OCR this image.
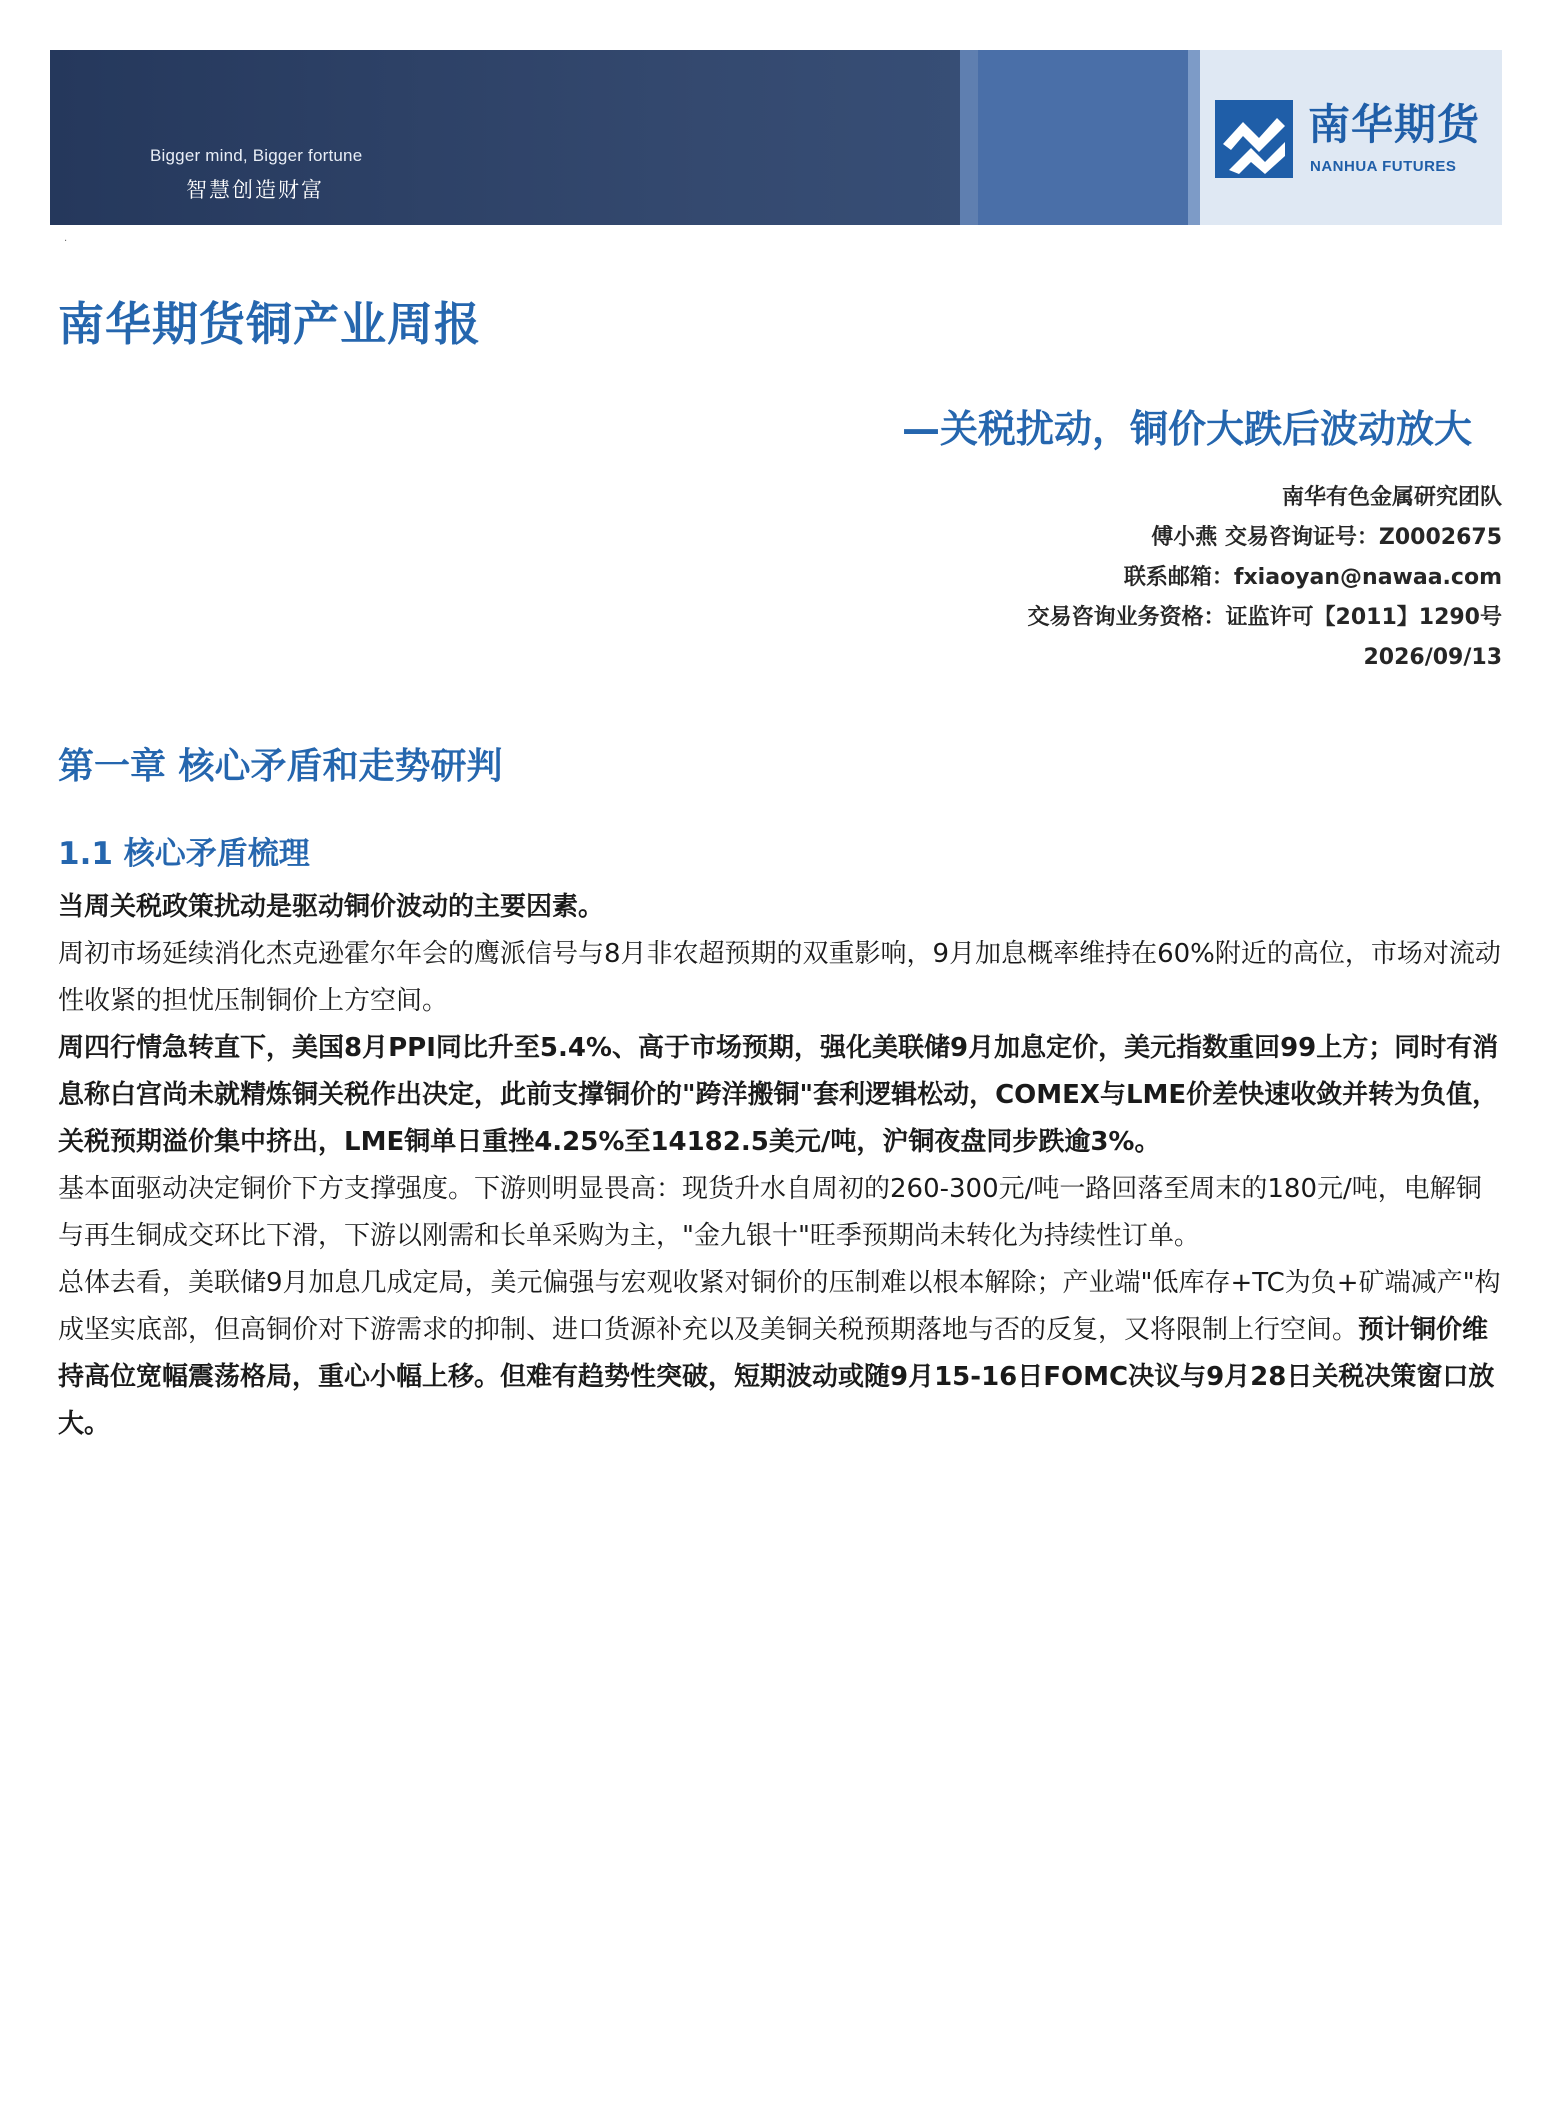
Bigger mind, Bigger fortune
智慧创造财富
南华期货
NANHUA FUTURES
·
南华期货铜产业周报
—关税扰动，铜价大跌后波动放大
南华有色金属研究团队
傅小燕 交易咨询证号：Z0002675
联系邮箱：fxiaoyan@nawaa.com
交易咨询业务资格：证监许可【2011】1290号
2026/09/13
第一章 核心矛盾和走势研判
1.1 核心矛盾梳理

当周关税政策扰动是驱动铜价波动的主要因素。

周初市场延续消化杰克逊霍尔年会的鹰派信号与8月非农超预期的双重影响，9月加息概率维持在60%附近的高位，市场对流动性收紧的担忧压制铜价上方空间。

周四行情急转直下，美国8月PPI同比升至5.4%、高于市场预期，强化美联储9月加息定价，美元指数重回99上方；同时有消息称白宫尚未就精炼铜关税作出决定，此前支撑铜价的"跨洋搬铜"套利逻辑松动，COMEX与LME价差快速收敛并转为负值，关税预期溢价集中挤出，LME铜单日重挫4.25%至14182.5美元/吨，沪铜夜盘同步跌逾3%。

基本面驱动决定铜价下方支撑强度。下游则明显畏高：现货升水自周初的260-300元/吨一路回落至周末的180元/吨，电解铜与再生铜成交环比下滑，下游以刚需和长单采购为主，"金九银十"旺季预期尚未转化为持续性订单。

总体去看，美联储9月加息几成定局，美元偏强与宏观收紧对铜价的压制难以根本解除；产业端"低库存+TC为负+矿端减产"构成坚实底部，但高铜价对下游需求的抑制、进口货源补充以及美铜关税预期落地与否的反复，又将限制上行空间。预计铜价维持高位宽幅震荡格局，重心小幅上移。但难有趋势性突破，短期波动或随9月15-16日FOMC决议与9月28日关税决策窗口放大。
